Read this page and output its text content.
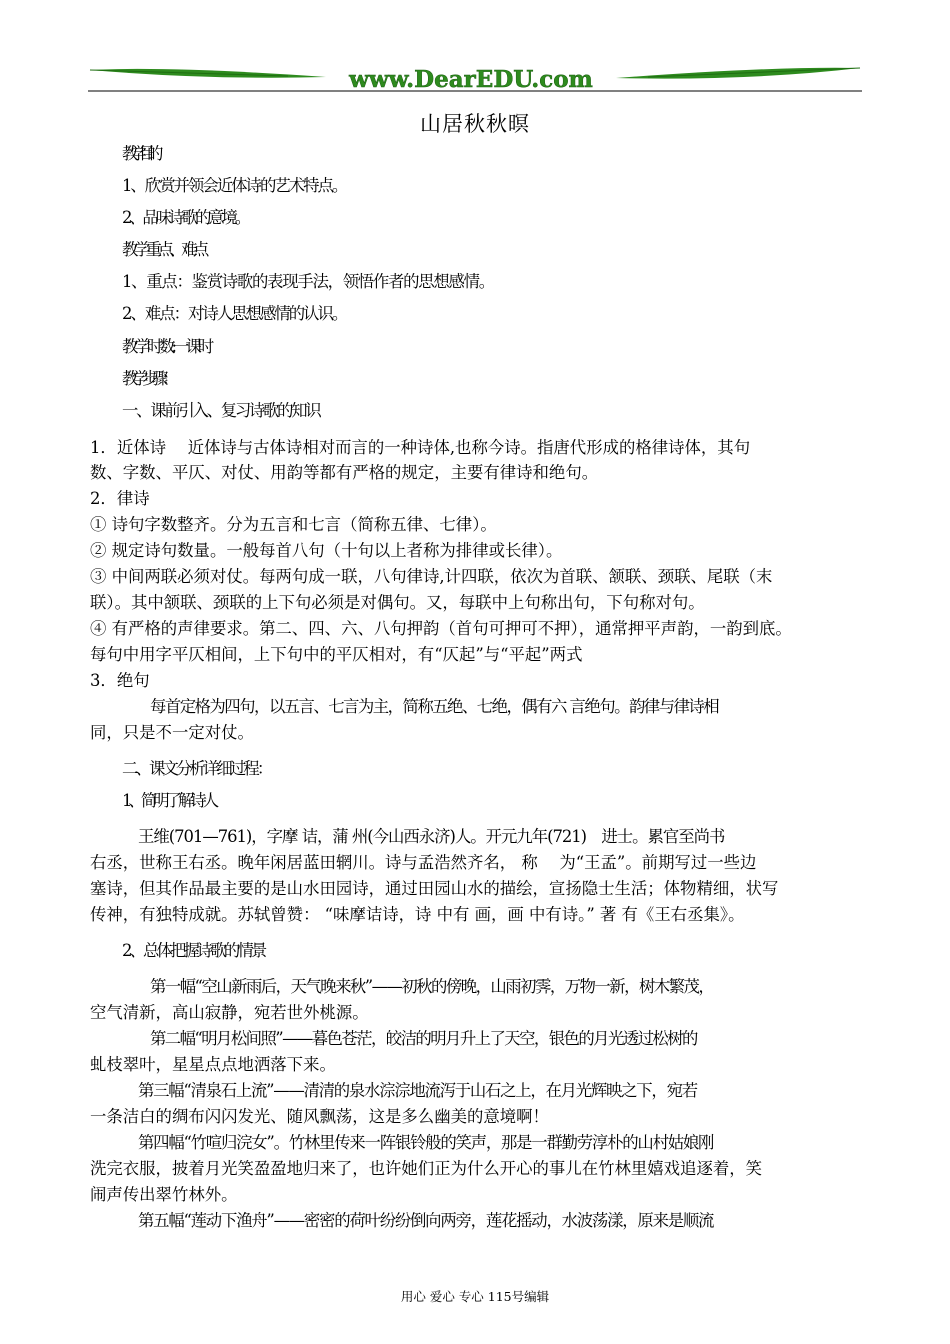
www.DearEDU.com
山居秋秋暝
教学目的
1、欣赏并领会近体诗的艺术特点。
2、品味诗歌的意境。
教学重点、难点
1、重点：鉴赏诗歌的表现手法，领悟作者的思想感情。
2、难点：对诗人思想感情的认识。
教学时数:一课时
教学步骤：
一、课前引入、复习诗歌的知识
1．近体诗　 近体诗与古体诗相对而言的一种诗体,也称今诗。指唐代形成的格律诗体，其句
数、字数、平仄、对仗、用韵等都有严格的规定，主要有律诗和绝句。
2．律诗
① 诗句字数整齐。分为五言和七言（简称五律、七律）。
② 规定诗句数量。一般每首八句（十句以上者称为排律或长律）。
③ 中间两联必须对仗。每两句成一联，八句律诗,计四联，依次为首联、颔联、颈联、尾联（末
联）。其中颔联、颈联的上下句必须是对偶句。又，每联中上句称出句，下句称对句。
④ 有严格的声律要求。第二、四、六、八句押韵（首句可押可不押），通常押平声韵，一韵到底。
每句中用字平仄相间，上下句中的平仄相对，有“仄起”与“平起”两式
3．绝句
每首定格为四句，以五言、七言为主，简称五绝、七绝，偶有六 言绝句。韵律与律诗相
同，只是不一定对仗。
二、课文分析详细过程：
1、简明了解诗人
王维(701—761)，字摩 诘，蒲 州(今山西永济)人。开元九年(721)　进士。累官至尚书
右丞，世称王右丞。晚年闲居蓝田辋川。诗与孟浩然齐名， 称　 为“王孟”。前期写过一些边
塞诗，但其作品最主要的是山水田园诗，通过田园山水的描绘，宣扬隐士生活；体物精细，状写
传神，有独特成就。苏轼曾赞： “味摩诘诗，诗 中有 画，画 中有诗。” 著 有《王右丞集》。
2、总体把握诗歌的情景
第一幅“空山新雨后，天气晚来秋”——初秋的傍晚，山雨初霁，万物一新，树木繁茂，
空气清新，高山寂静，宛若世外桃源。
第二幅“明月松间照”——暮色苍茫，皎洁的明月升上了天空，银色的月光透过松树的
虬枝翠叶，星星点点地洒落下来。
第三幅“清泉石上流”——清清的泉水淙淙地流泻于山石之上，在月光辉映之下，宛若
一条洁白的绸布闪闪发光、随风飘荡，这是多么幽美的意境啊！
第四幅“竹喧归浣女”。竹林里传来一阵银铃般的笑声，那是一群勤劳淳朴的山村姑娘刚
洗完衣服，披着月光笑盈盈地归来了，也许她们正为什么开心的事儿在竹林里嬉戏追逐着，笑
闹声传出翠竹林外。
第五幅“莲动下渔舟”——密密的荷叶纷纷倒向两旁，莲花摇动，水波荡漾，原来是顺流
用心 爱心 专心 115号编辑
